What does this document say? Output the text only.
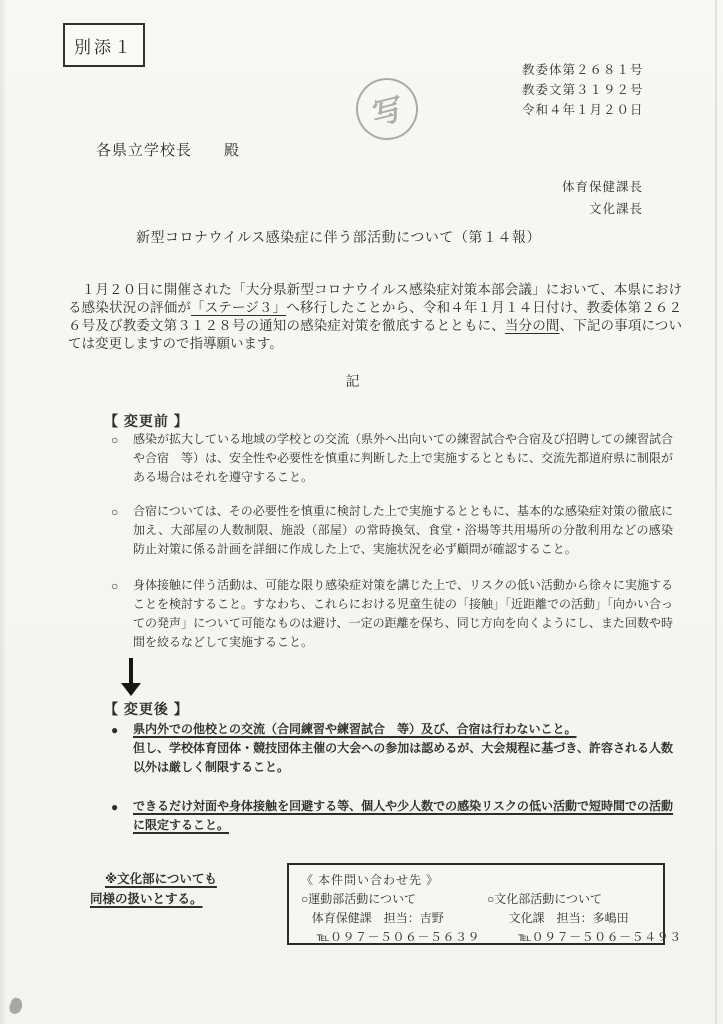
別添１
教委体第２６８１号
教委文第３１９２号
令和４年１月２０日
写
各県立学校長　　殿
体育保健課長
文化課長
新型コロナウイルス感染症に伴う部活動について（第１４報）

　１月２０日に開催された「大分県新型コロナウイルス感染症対策本部会議」において、本県における感染状況の評価が「ステージ３」へ移行したことから、令和４年１月１４日付け、教委体第２６２６号及び教委文第３１２８号の通知の感染症対策を徹底するとともに、当分の間、下記の事項については変更しますので指導願います。

記
【 変更前 】
○	感染が拡大している地域の学校との交流（県外へ出向いての練習試合や合宿及び招聘しての練習試合や合宿　等）は、安全性や必要性を慎重に判断した上で実施するとともに、交流先都道府県に制限がある場合はそれを遵守すること。
○	合宿については、その必要性を慎重に検討した上で実施するとともに、基本的な感染症対策の徹底に加え、大部屋の人数制限、施設（部屋）の常時換気、食堂・浴場等共用場所の分散利用などの感染防止対策に係る計画を詳細に作成した上で、実施状況を必ず顧問が確認すること。
○	身体接触に伴う活動は、可能な限り感染症対策を講じた上で、リスクの低い活動から徐々に実施することを検討すること。すなわち、これらにおける児童生徒の「接触」「近距離での活動」「向かい合っての発声」について可能なものは避け、一定の距離を保ち、同じ方向を向くようにし、また回数や時間を絞るなどして実施すること。
【 変更後 】
●	県内外での他校との交流（合同練習や練習試合　等）及び、合宿は行わないこと。
但し、学校体育団体・競技団体主催の大会への参加は認めるが、大会規程に基づき、許容される人数以外は厳しく制限すること。
●	できるだけ対面や身体接触を回避する等、個人や少人数での感染リスクの低い活動で短時間での活動に限定すること。
※文化部についても
同様の扱いとする。
《 本件問い合わせ先 》
○運動部活動について	○文化部活動について
体育保健課　担当：吉野	文化課　担当：多嶋田
℡０９７－５０６－５６３９	℡０９７－５０６－５４９３
